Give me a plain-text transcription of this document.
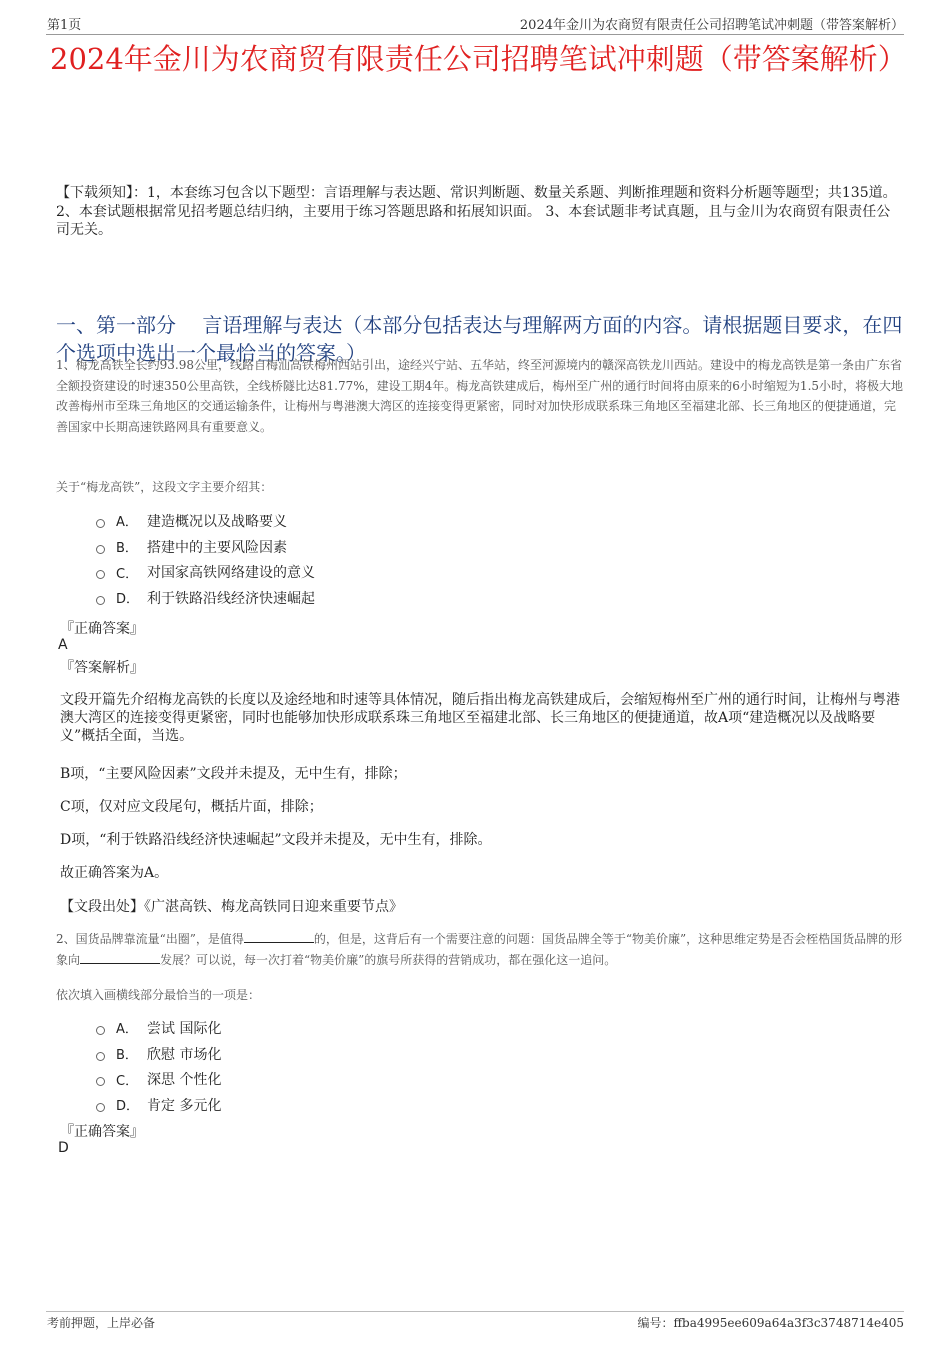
第1页	2024年金川为农商贸有限责任公司招聘笔试冲刺题（带答案解析）
2024年金川为农商贸有限责任公司招聘笔试冲刺题（带答案解析）
【下载须知】：1，本套练习包含以下题型：言语理解与表达题、常识判断题、数量关系题、判断推理题和资料分析题等题型；共135道。 2、本套试题根据常见招考题总结归纳，主要用于练习答题思路和拓展知识面。 3、本套试题非考试真题，且与金川为农商贸有限责任公司无关。
一、第一部分　 言语理解与表达（本部分包括表达与理解两方面的内容。请根据题目要求，在四个选项中选出一个最恰当的答案。）
1、梅龙高铁全长约93.98公里，线路自梅汕高铁梅州西站引出，途经兴宁站、五华站，终至河源境内的赣深高铁龙川西站。建设中的梅龙高铁是第一条由广东省全额投资建设的时速350公里高铁，全线桥隧比达81.77%，建设工期4年。梅龙高铁建成后，梅州至广州的通行时间将由原来的6小时缩短为1.5小时，将极大地改善梅州市至珠三角地区的交通运输条件，让梅州与粤港澳大湾区的连接变得更紧密，同时对加快形成联系珠三角地区至福建北部、长三角地区的便捷通道，完善国家中长期高速铁路网具有重要意义。
关于“梅龙高铁”，这段文字主要介绍其：
A． 建造概况以及战略要义
B． 搭建中的主要风险因素
C． 对国家高铁网络建设的意义
D． 利于铁路沿线经济快速崛起
『正确答案』
A
『答案解析』
文段开篇先介绍梅龙高铁的长度以及途经地和时速等具体情况，随后指出梅龙高铁建成后，会缩短梅州至广州的通行时间，让梅州与粤港澳大湾区的连接变得更紧密，同时也能够加快形成联系珠三角地区至福建北部、长三角地区的便捷通道，故A项“建造概况以及战略要义”概括全面，当选。
B项，“主要风险因素”文段并未提及，无中生有，排除；
C项，仅对应文段尾句，概括片面，排除；
D项，“利于铁路沿线经济快速崛起”文段并未提及，无中生有，排除。
故正确答案为A。
【文段出处】《广湛高铁、梅龙高铁同日迎来重要节点》
2、国货品牌靠流量“出圈”，是值得	的，但是，这背后有一个需要注意的问题：国货品牌全等于“物美价廉”，这种思维定势是否会桎梏国货品牌的形象向	发展？可以说，每一次打着“物美价廉”的旗号所获得的营销成功，都在强化这一追问。
依次填入画横线部分最恰当的一项是：
A． 尝试 国际化
B． 欣慰 市场化
C． 深思 个性化
D． 肯定 多元化
『正确答案』
D
考前押题，上岸必备	编号：ffba4995ee609a64a3f3c3748714e405
